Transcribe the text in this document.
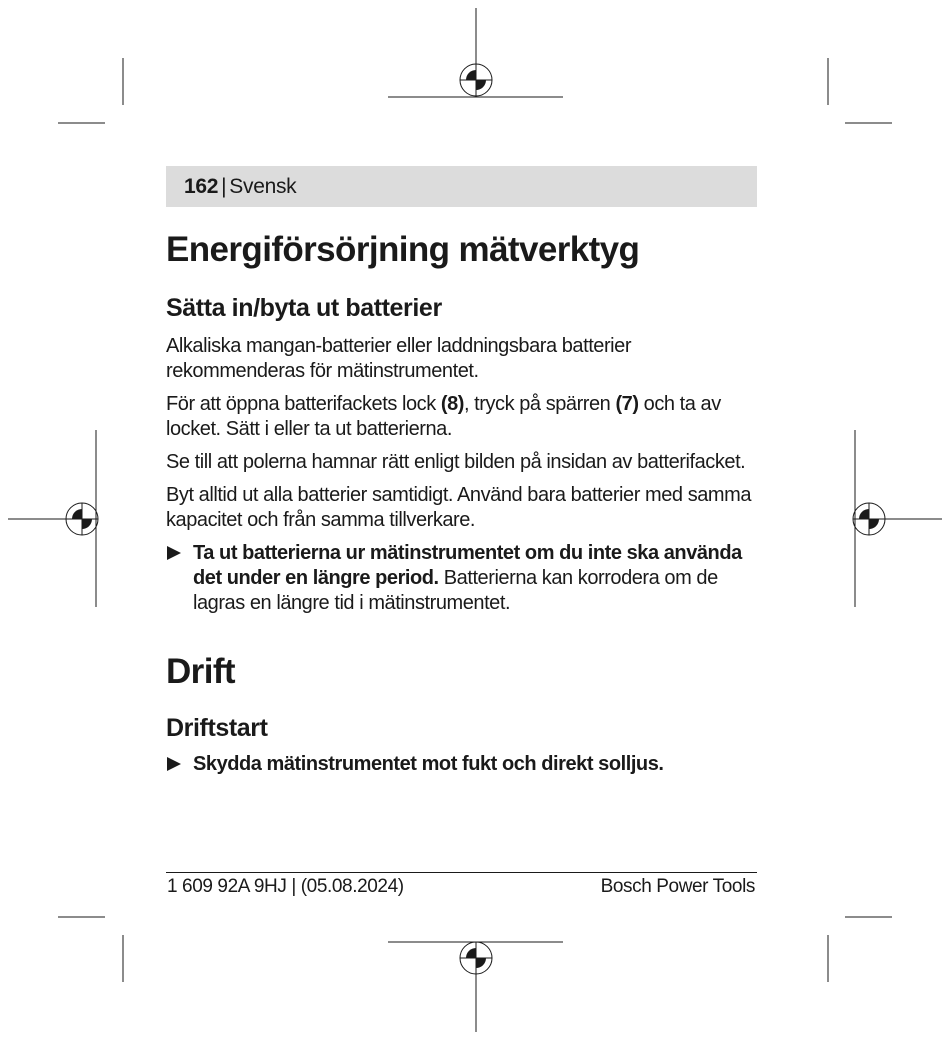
162 | Svensk
Energiförsörjning mätverktyg
Sätta in/byta ut batterier

Alkaliska mangan-batterier eller laddningsbara batterier rekommenderas för mätinstrumentet.

För att öppna batterifackets lock (8), tryck på spärren (7) och ta av locket. Sätt i eller ta ut batterierna.

Se till att polerna hamnar rätt enligt bilden på insidan av batterifacket.

Byt alltid ut alla batterier samtidigt. Använd bara batterier med samma kapacitet och från samma tillverkare.

Ta ut batterierna ur mätinstrumentet om du inte ska använda det under en längre period. Batterierna kan korrodera om de lagras en längre tid i mätinstrumentet.

Drift
Driftstart

Skydda mätinstrumentet mot fukt och direkt solljus.

1 609 92A 9HJ | (05.08.2024)	Bosch Power Tools
